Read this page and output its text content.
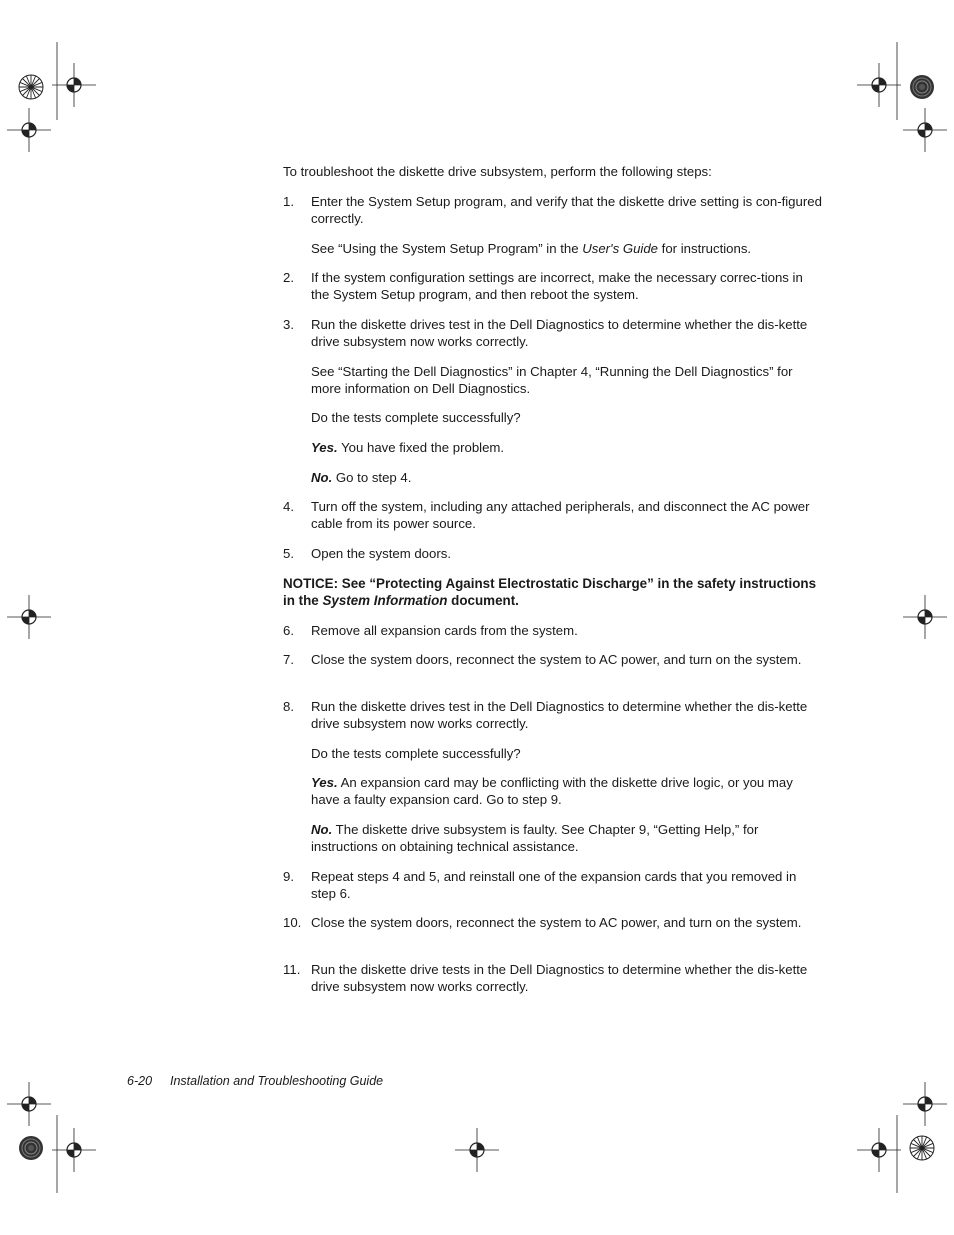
To troubleshoot the diskette drive subsystem, perform the following steps:
1.	Enter the System Setup program, and verify that the diskette drive setting is con-figured correctly.
See “Using the System Setup Program” in the User's Guide for instructions.
2.	If the system configuration settings are incorrect, make the necessary correc-tions in the System Setup program, and then reboot the system.
3.	Run the diskette drives test in the Dell Diagnostics to determine whether the dis-kette drive subsystem now works correctly.
See “Starting the Dell Diagnostics” in Chapter 4, “Running the Dell Diagnostics” for more information on Dell Diagnostics.
Do the tests complete successfully?
Yes. You have fixed the problem.
No. Go to step 4.
4.	Turn off the system, including any attached peripherals, and disconnect the AC power cable from its power source.
5.	Open the system doors.
NOTICE: See “Protecting Against Electrostatic Discharge” in the safety instructions in the System Information document.
6.	Remove all expansion cards from the system.
7.	Close the system doors, reconnect the system to AC power, and turn on the system.
8.	Run the diskette drives test in the Dell Diagnostics to determine whether the dis-kette drive subsystem now works correctly.
Do the tests complete successfully?
Yes. An expansion card may be conflicting with the diskette drive logic, or you may have a faulty expansion card. Go to step 9.
No. The diskette drive subsystem is faulty. See Chapter 9, “Getting Help,” for instructions on obtaining technical assistance.
9.	Repeat steps 4 and 5, and reinstall one of the expansion cards that you removed in step 6.
10. Close the system doors, reconnect the system to AC power, and turn on the system.
11. Run the diskette drive tests in the Dell Diagnostics to determine whether the dis-kette drive subsystem now works correctly.
6-20 Installation and Troubleshooting Guide
